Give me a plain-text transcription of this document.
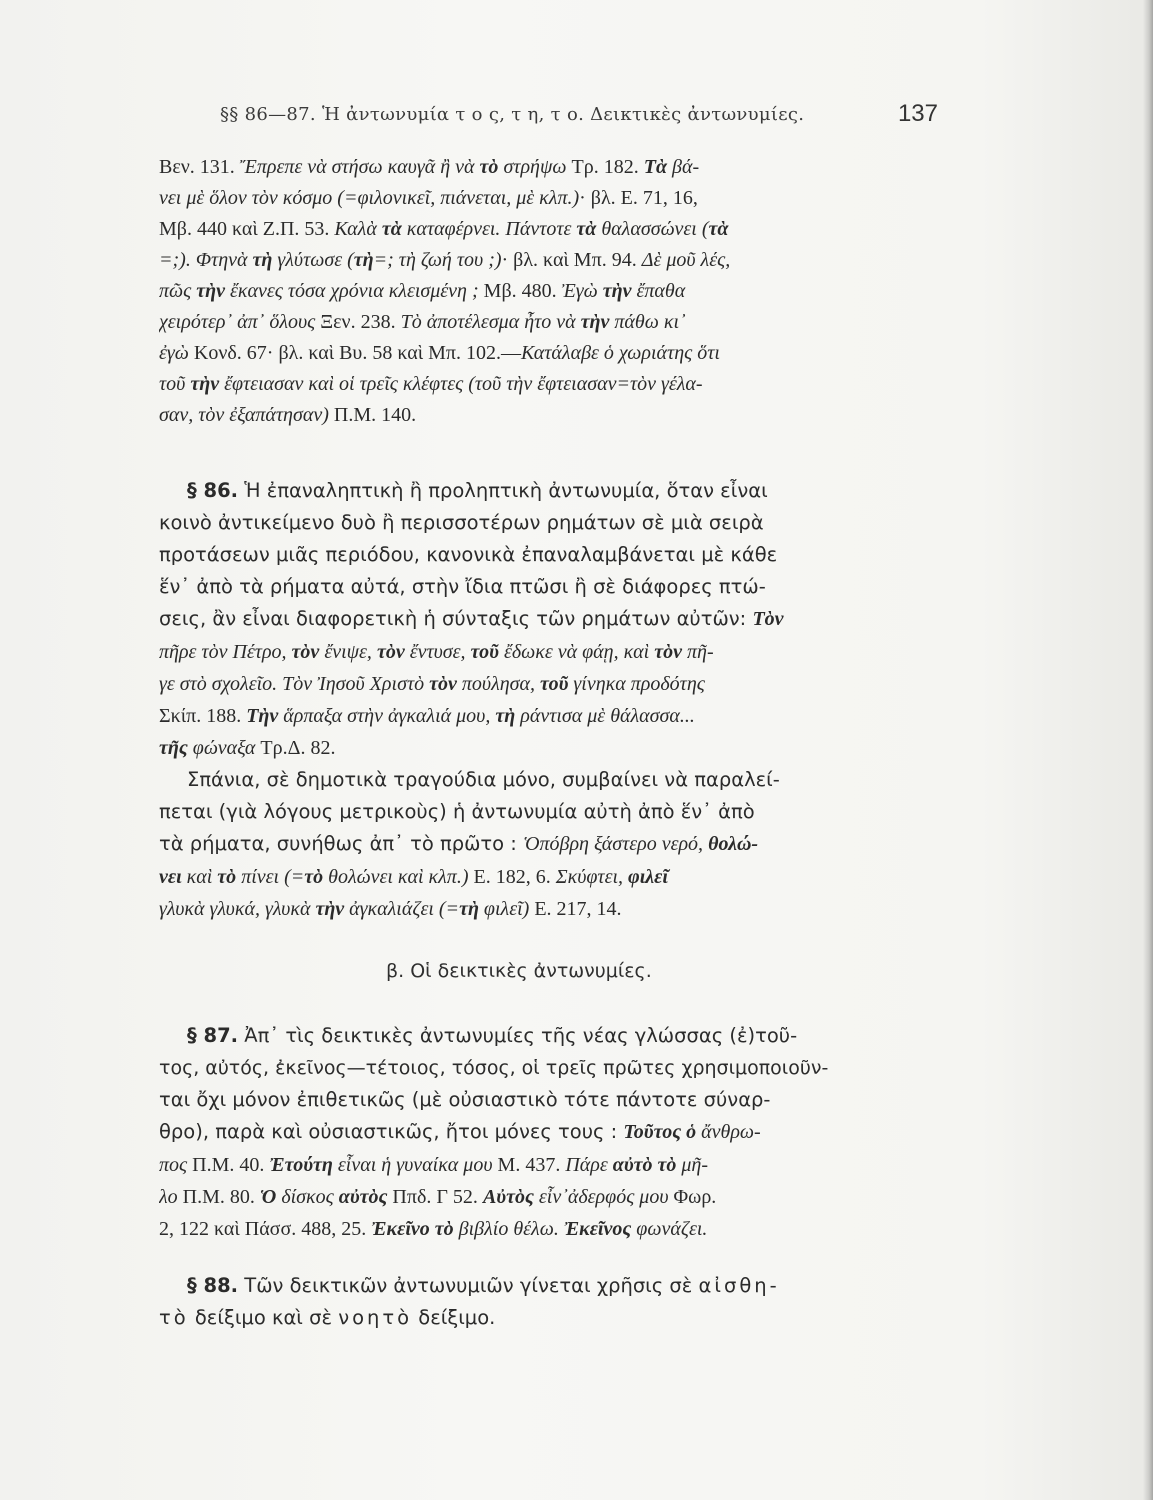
§§ 86—87. Ἡ ἀντωνυμία τ ο ς, τ η, τ ο. Δεικτικὲς ἀντωνυμίες.	137
Βεν. 131. Ἔπρεπε νὰ στήσω καυγᾶ ἢ νὰ τὸ στρήψω Τρ. 182. Τὰ βά-
νει μὲ ὅλον τὸν κόσμο (=φιλονικεῖ, πιάνεται, μὲ κλπ.)· βλ. Ε. 71, 16,
Μβ. 440 καὶ Ζ.Π. 53. Καλὰ τὰ καταφέρνει. Πάντοτε τὰ θαλασσώνει (τὰ
=;). Φτηνὰ τὴ γλύτωσε (τὴ=; τὴ ζωή του ;)· βλ. καὶ Μπ. 94. Δὲ μοῦ λές,
πῶς τὴν ἔκανες τόσα χρόνια κλεισμένη ; Μβ. 480. Ἐγὼ τὴν ἔπαθα
χειρότερ᾽ ἀπ᾽ ὅλους Ξεν. 238. Τὸ ἀποτέλεσμα ἦτο νὰ τὴν πάθω κι᾽
ἐγὼ Κονδ. 67· βλ. καὶ Βυ. 58 καὶ Μπ. 102.—Κατάλαβε ὁ χωριάτης ὅτι
τοῦ τὴν ἔφτειασαν καὶ οἱ τρεῖς κλέφτες (τοῦ τὴν ἔφτειασαν=τὸν γέλα-
σαν, τὸν ἐξαπάτησαν) Π.Μ. 140.
§ 86. Ἡ ἐπαναληπτικὴ ἢ προληπτικὴ ἀντωνυμία, ὅταν εἶναι
κοινὸ ἀντικείμενο δυὸ ἢ περισσοτέρων ρημάτων σὲ μιὰ σειρὰ
προτάσεων μιᾶς περιόδου, κανονικὰ ἐπαναλαμβάνεται μὲ κάθε
ἕν᾽ ἀπὸ τὰ ρήματα αὐτά, στὴν ἴδια πτῶσι ἢ σὲ διάφορες πτώ-
σεις, ἂν εἶναι διαφορετικὴ ἡ σύνταξις τῶν ρημάτων αὐτῶν: Τὸν
πῆρε τὸν Πέτρο, τὸν ἔνιψε, τὸν ἔντυσε, τοῦ ἔδωκε νὰ φάῃ, καὶ τὸν πῆ-
γε στὸ σχολεῖο. Τὸν Ἰησοῦ Χριστὸ τὸν πούλησα, τοῦ γίνηκα προδότης
Σκίπ. 188. Τὴν ἅρπαξα στὴν ἀγκαλιά μου, τὴ ράντισα μὲ θάλασσα...
τῆς φώναξα Τρ.Δ. 82.
Σπάνια, σὲ δημοτικὰ τραγούδια μόνο, συμβαίνει νὰ παραλεί-
πεται (γιὰ λόγους μετρικοὺς) ἡ ἀντωνυμία αὐτὴ ἀπὸ ἕν᾽ ἀπὸ
τὰ ρήματα, συνήθως ἀπ᾽ τὸ πρῶτο : Ὁπόβρη ξάστερο νερό, θολώ-
νει καὶ τὸ πίνει (=τὸ θολώνει καὶ κλπ.) Ε. 182, 6. Σκύφτει, φιλεῖ
γλυκὰ γλυκά, γλυκὰ τὴν ἀγκαλιάζει (=τὴ φιλεῖ) Ε. 217, 14.
β. Οἱ δεικτικὲς ἀντωνυμίες.
§ 87. Ἀπ᾽ τὶς δεικτικὲς ἀντωνυμίες τῆς νέας γλώσσας (ἐ)τοῦ-
τος, αὐτός, ἐκεῖνος—τέτοιος, τόσος, οἱ τρεῖς πρῶτες χρησιμοποιοῦν-
ται ὄχι μόνον ἐπιθετικῶς (μὲ οὐσιαστικὸ τότε πάντοτε σύναρ-
θρο), παρὰ καὶ οὐσιαστικῶς, ἤτοι μόνες τους : Τοῦτος ὁ ἄνθρω-
πος Π.Μ. 40. Ἐτούτη εἶναι ἡ γυναίκα μου Μ. 437. Πάρε αὐτὸ τὸ μῆ-
λο Π.Μ. 80. Ὁ δίσκος αὐτὸς Ππδ. Γ 52. Αὐτὸς εἶν᾽ἀδερφός μου Φωρ.
2, 122 καὶ Πάσσ. 488, 25. Ἐκεῖνο τὸ βιβλίο θέλω. Ἐκεῖνος φωνάζει.
§ 88. Τῶν δεικτικῶν ἀντωνυμιῶν γίνεται χρῆσις σὲ αἰσθη-
τὸ δείξιμο καὶ σὲ νοητὸ δείξιμο.
